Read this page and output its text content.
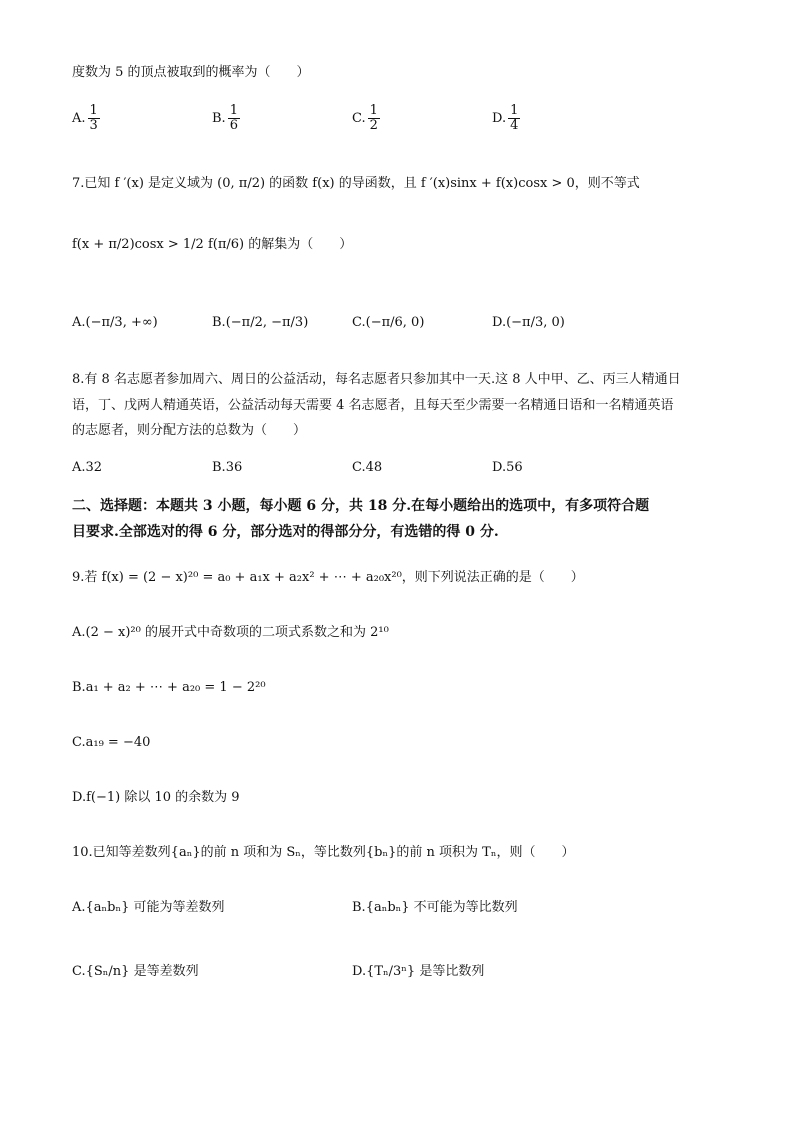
度数为 5 的顶点被取到的概率为（　　）
A. $\frac{1}{3}$	B. $\frac{1}{6}$	C. $\frac{1}{2}$	D. $\frac{1}{4}$
7.已知 f ′(x) 是定义域为 (0, π/2) 的函数 f(x) 的导函数，且 f ′(x)sinx + f(x)cosx > 0，则不等式
f(x + π/2)cosx > 1/2 f(π/6) 的解集为（　　）
A.(−π/3, +∞)	B.(−π/2, −π/3)	C.(−π/6, 0)	D.(−π/3, 0)
8.有 8 名志愿者参加周六、周日的公益活动，每名志愿者只参加其中一天.这 8 人中甲、乙、丙三人精通日
语，丁、戊两人精通英语，公益活动每天需要 4 名志愿者，且每天至少需要一名精通日语和一名精通英语
的志愿者，则分配方法的总数为（　　）
A.32	B.36	C.48	D.56
二、选择题：本题共 3 小题，每小题 6 分，共 18 分.在每小题给出的选项中，有多项符合题
目要求.全部选对的得 6 分，部分选对的得部分分，有选错的得 0 分.
9.若 f(x) = (2 − x)²⁰ = a₀ + a₁x + a₂x² + ⋯ + a₂₀x²⁰，则下列说法正确的是（　　）
A.(2 − x)²⁰ 的展开式中奇数项的二项式系数之和为 2¹⁰
B.a₁ + a₂ + ⋯ + a₂₀ = 1 − 2²⁰
C.a₁₉ = −40
D.f(−1) 除以 10 的余数为 9
10.已知等差数列{aₙ}的前 n 项和为 Sₙ，等比数列{bₙ}的前 n 项积为 Tₙ，则（　　）
A.{aₙbₙ} 可能为等差数列	B.{aₙbₙ} 不可能为等比数列
C.{Sₙ/n} 是等差数列	D.{Tₙ/3ⁿ} 是等比数列
